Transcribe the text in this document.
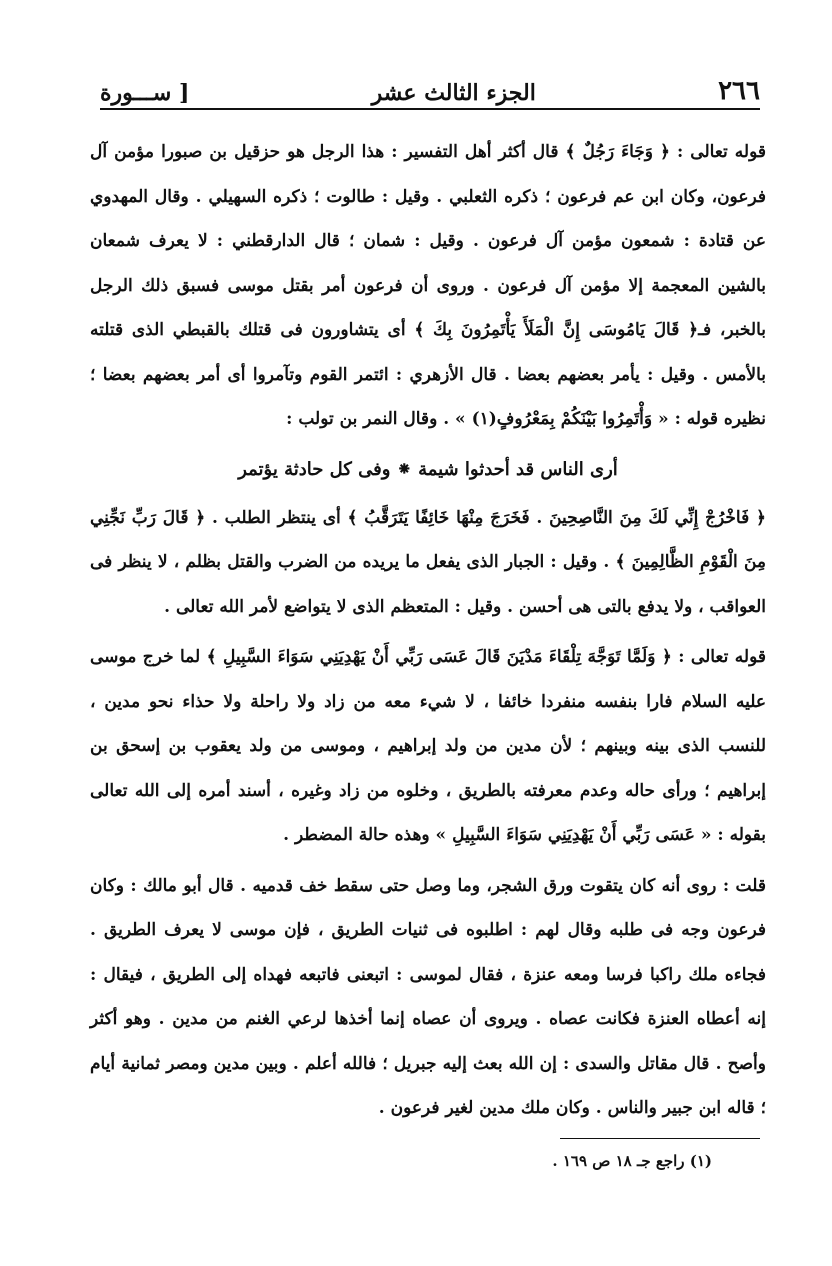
٢٦٦
الجزء الثالث عشر
[ ســـورة

قوله تعالى : ﴿ وَجَاءَ رَجُلٌ ﴾ قال أكثر أهل التفسير : هذا الرجل هو حزقيل بن صبورا مؤمن آل فرعون، وكان ابن عم فرعون ؛ ذكره الثعلبي . وقيل : طالوت ؛ ذكره السهيلي . وقال المهدوي عن قتادة : شمعون مؤمن آل فرعون . وقيل : شمان ؛ قال الدارقطني : لا يعرف شمعان بالشين المعجمة إلا مؤمن آل فرعون . وروى أن فرعون أمر بقتل موسى فسبق ذلك الرجل بالخبر، فـ﴿ قَالَ يَامُوسَى إِنَّ الْمَلَأَ يَأْتَمِرُونَ بِكَ ﴾ أى يتشاورون فى قتلك بالقبطي الذى قتلته بالأمس . وقيل : يأمر بعضهم بعضا . قال الأزهري : ائتمر القوم وتآمروا أى أمر بعضهم بعضا ؛ نظيره قوله : « وَأْتَمِرُوا بَيْنَكُمْ بِمَعْرُوفٍ(١) » . وقال النمر بن تولب :

أرى الناس قد أحدثوا شيمة ⁕ وفى كل حادثة يؤتمر

﴿ فَاخْرُجْ إِنِّي لَكَ مِنَ النَّاصِحِينَ . فَخَرَجَ مِنْهَا خَائِفًا يَتَرَقَّبُ ﴾ أى ينتظر الطلب . ﴿ قَالَ رَبِّ نَجِّنِي مِنَ الْقَوْمِ الظَّالِمِينَ ﴾ . وقيل : الجبار الذى يفعل ما يريده من الضرب والقتل بظلم ، لا ينظر فى العواقب ، ولا يدفع بالتى هى أحسن . وقيل : المتعظم الذى لا يتواضع لأمر الله تعالى .

قوله تعالى : ﴿ وَلَمَّا تَوَجَّهَ تِلْقَاءَ مَدْيَنَ قَالَ عَسَى رَبِّي أَنْ يَهْدِيَنِي سَوَاءَ السَّبِيلِ ﴾ لما خرج موسى عليه السلام فارا بنفسه منفردا خائفا ، لا شيء معه من زاد ولا راحلة ولا حذاء نحو مدين ، للنسب الذى بينه وبينهم ؛ لأن مدين من ولد إبراهيم ، وموسى من ولد يعقوب بن إسحق بن إبراهيم ؛ ورأى حاله وعدم معرفته بالطريق ، وخلوه من زاد وغيره ، أسند أمره إلى الله تعالى بقوله : « عَسَى رَبِّي أَنْ يَهْدِيَنِي سَوَاءَ السَّبِيلِ » وهذه حالة المضطر .

قلت : روى أنه كان يتقوت ورق الشجر، وما وصل حتى سقط خف قدميه . قال أبو مالك : وكان فرعون وجه فى طلبه وقال لهم : اطلبوه فى ثنيات الطريق ، فإن موسى لا يعرف الطريق . فجاءه ملك راكبا فرسا ومعه عنزة ، فقال لموسى : اتبعنى فاتبعه فهداه إلى الطريق ، فيقال : إنه أعطاه العنزة فكانت عصاه . ويروى أن عصاه إنما أخذها لرعي الغنم من مدين . وهو أكثر وأصح . قال مقاتل والسدى : إن الله بعث إليه جبريل ؛ فالله أعلم . وبين مدين ومصر ثمانية أيام ؛ قاله ابن جبير والناس . وكان ملك مدين لغير فرعون .

(١) راجع جـ ١٨ ص ١٦٩ .
